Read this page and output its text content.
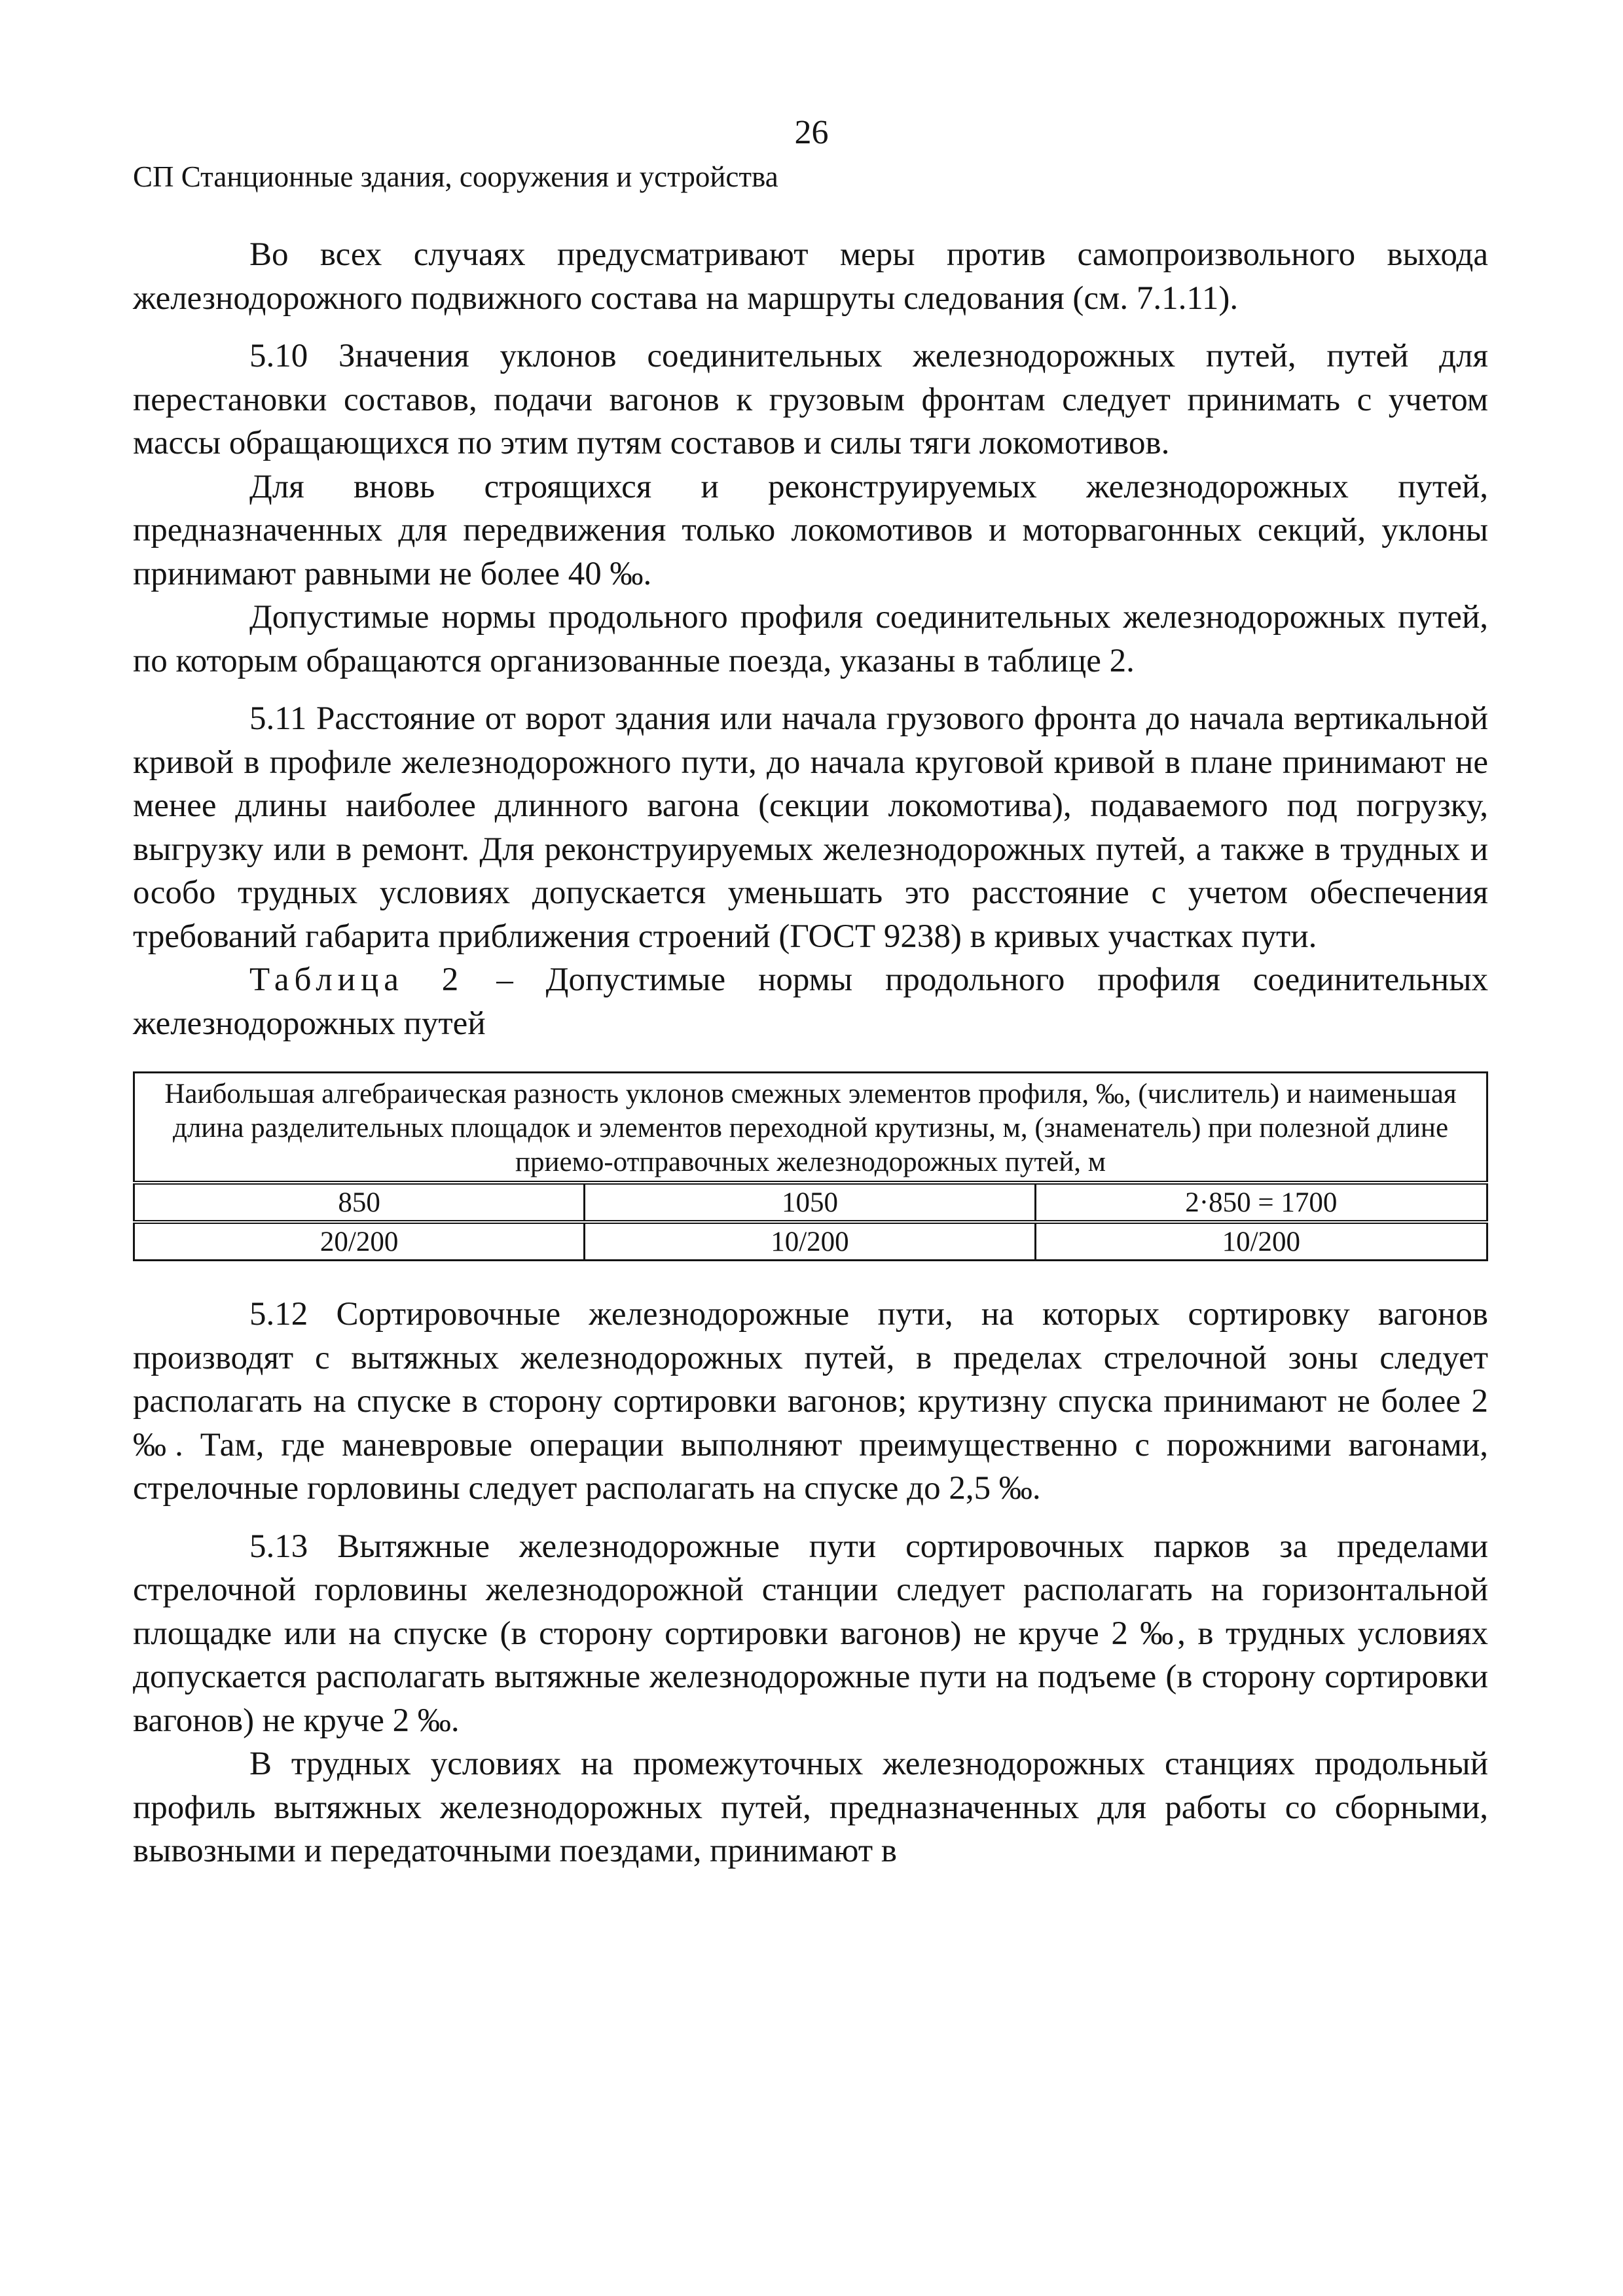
26
СП Станционные здания, сооружения и устройства

Во всех случаях предусматривают меры против самопроизвольного выхода железнодорожного подвижного состава на маршруты следования (см. 7.1.11).

5.10 Значения уклонов соединительных железнодорожных путей, путей для перестановки составов, подачи вагонов к грузовым фронтам следует принимать с учетом массы обращающихся по этим путям составов и силы тяги локомотивов.

Для вновь строящихся и реконструируемых железнодорожных путей, предназначенных для передвижения только локомотивов и моторвагонных секций, уклоны принимают равными не более 40 ‰.

Допустимые нормы продольного профиля соединительных железнодорожных путей, по которым обращаются организованные поезда, указаны в таблице 2.

5.11 Расстояние от ворот здания или начала грузового фронта до начала вертикальной кривой в профиле железнодорожного пути, до начала круговой кривой в плане принимают не менее длины наиболее длинного вагона (секции локомотива), подаваемого под погрузку, выгрузку или в ремонт. Для реконструируемых железнодорожных путей, а также в трудных и особо трудных условиях допускается уменьшать это расстояние с учетом обеспечения требований габарита приближения строений (ГОСТ 9238) в кривых участках пути.

Таблица 2 – Допустимые нормы продольного профиля соединительных железнодорожных путей

Наибольшая алгебраическая разность уклонов смежных элементов профиля, ‰, (числитель) и наименьшая длина разделительных площадок и элементов переходной крутизны, м, (знаменатель) при полезной длине приемо-отправочных железнодорожных путей, м		
850	1050	2·850 = 1700
20/200	10/200	10/200

5.12 Сортировочные железнодорожные пути, на которых сортировку вагонов производят с вытяжных железнодорожных путей, в пределах стрелочной зоны следует располагать на спуске в сторону сортировки вагонов; крутизну спуска принимают не более 2 ‰. Там, где маневровые операции выполняют преимущественно с порожними вагонами, стрелочные горловины следует располагать на спуске до 2,5 ‰.

5.13 Вытяжные железнодорожные пути сортировочных парков за пределами стрелочной горловины железнодорожной станции следует располагать на горизонтальной площадке или на спуске (в сторону сортировки вагонов) не круче 2 ‰, в трудных условиях допускается располагать вытяжные железнодорожные пути на подъеме (в сторону сортировки вагонов) не круче 2 ‰.

В трудных условиях на промежуточных железнодорожных станциях продольный профиль вытяжных железнодорожных путей, предназначенных для работы со сборными, вывозными и передаточными поездами, принимают в
